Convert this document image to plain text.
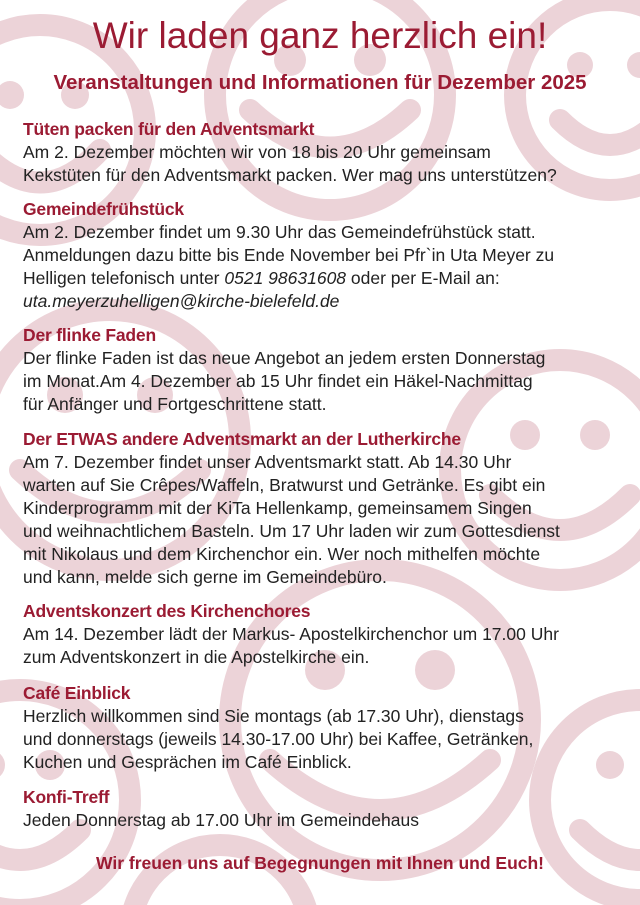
Wir laden ganz herzlich ein!
Veranstaltungen und Informationen für Dezember 2025
Tüten packen für den Adventsmarkt
Am 2. Dezember möchten wir von 18 bis 20 Uhr gemeinsam
Kekstüten für den Adventsmarkt packen. Wer mag uns unterstützen?
Gemeindefrühstück
Am 2. Dezember findet um 9.30 Uhr das Gemeindefrühstück statt.
Anmeldungen dazu bitte bis Ende November bei Pfr`in Uta Meyer zu
Helligen telefonisch unter 0521 98631608 oder per E-Mail an:
uta.meyerzuhelligen@kirche-bielefeld.de
Der flinke Faden
Der flinke Faden ist das neue Angebot an jedem ersten Donnerstag
im Monat.Am 4. Dezember ab 15 Uhr findet ein Häkel-Nachmittag
für Anfänger und Fortgeschrittene statt.
Der ETWAS andere Adventsmarkt an der Lutherkirche
Am 7. Dezember findet unser Adventsmarkt statt. Ab 14.30 Uhr
warten auf Sie Crêpes/Waffeln, Bratwurst und Getränke. Es gibt ein
Kinderprogramm mit der KiTa Hellenkamp, gemeinsamem Singen
und weihnachtlichem Basteln. Um 17 Uhr laden wir zum Gottesdienst
mit Nikolaus und dem Kirchenchor ein. Wer noch mithelfen möchte
und kann, melde sich gerne im Gemeindebüro.
Adventskonzert des Kirchenchores
Am 14. Dezember lädt der Markus- Apostelkirchenchor um 17.00 Uhr
zum Adventskonzert in die Apostelkirche ein.
Café Einblick
Herzlich willkommen sind Sie montags (ab 17.30 Uhr), dienstags
und donnerstags (jeweils 14.30-17.00 Uhr) bei Kaffee, Getränken,
Kuchen und Gesprächen im Café Einblick.
Konfi-Treff
Jeden Donnerstag ab 17.00 Uhr im Gemeindehaus
Wir freuen uns auf Begegnungen mit Ihnen und Euch!
